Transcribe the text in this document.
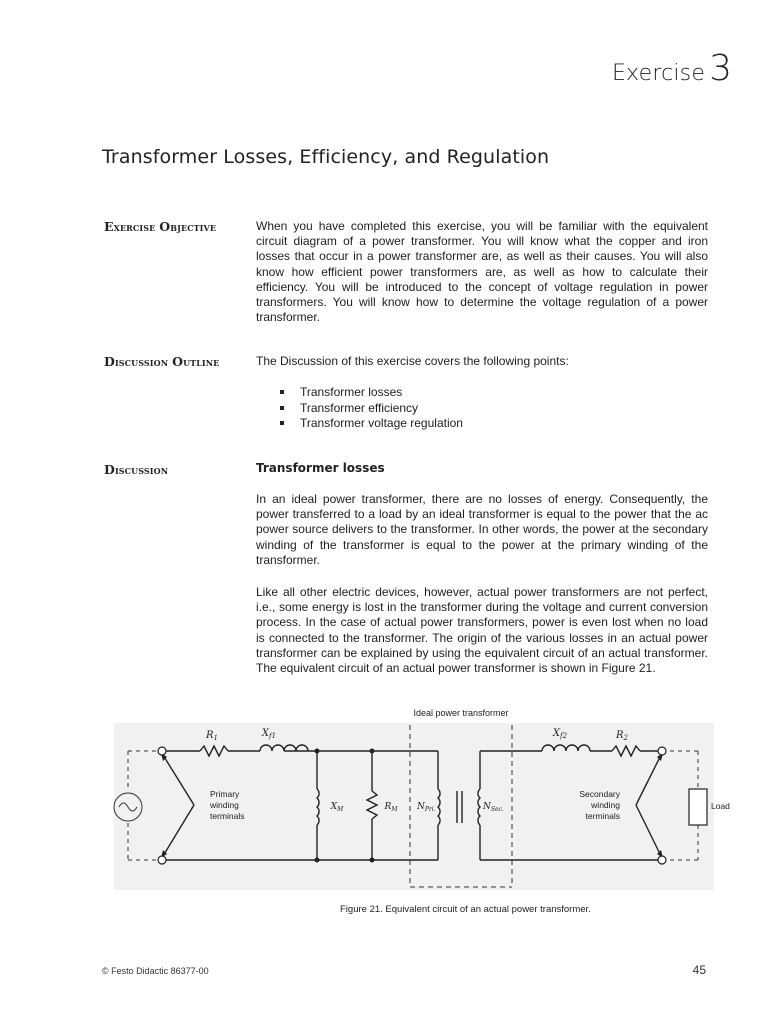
Exercise 3
Transformer Losses, Efficiency, and Regulation

Exercise Objective	When you have completed this exercise, you will be familiar with the equivalent circuit diagram of a power transformer. You will know what the copper and iron losses that occur in a power transformer are, as well as their causes. You will also know how efficient power transformers are, as well as how to calculate their efficiency. You will be introduced to the concept of voltage regulation in power transformers. You will know how to determine the voltage regulation of a power transformer.

Discussion Outline	The Discussion of this exercise covers the following points:

Transformer losses
Transformer efficiency
Transformer voltage regulation

Discussion	Transformer losses

In an ideal power transformer, there are no losses of energy. Consequently, the power transferred to a load by an ideal transformer is equal to the power that the ac power source delivers to the transformer. In other words, the power at the secondary winding of the transformer is equal to the power at the primary winding of the transformer.

Like all other electric devices, however, actual power transformers are not perfect, i.e., some energy is lost in the transformer during the voltage and current conversion process. In the case of actual power transformers, power is even lost when no load is connected to the transformer. The origin of the various losses in an actual power transformer can be explained by using the equivalent circuit of an actual transformer. The equivalent circuit of an actual power transformer is shown in Figure 21.

Ideal power transformer
$R_1$	$X_{f1}$
$X_M$	$R_M$ $N_{Pri.}$	$N_{Sec.}$
$X_{f2}$	$R_2$
Primary
winding
terminals
Secondary
winding
terminals
Load

Figure 21. Equivalent circuit of an actual power transformer.

© Festo Didactic 86377-00	45
